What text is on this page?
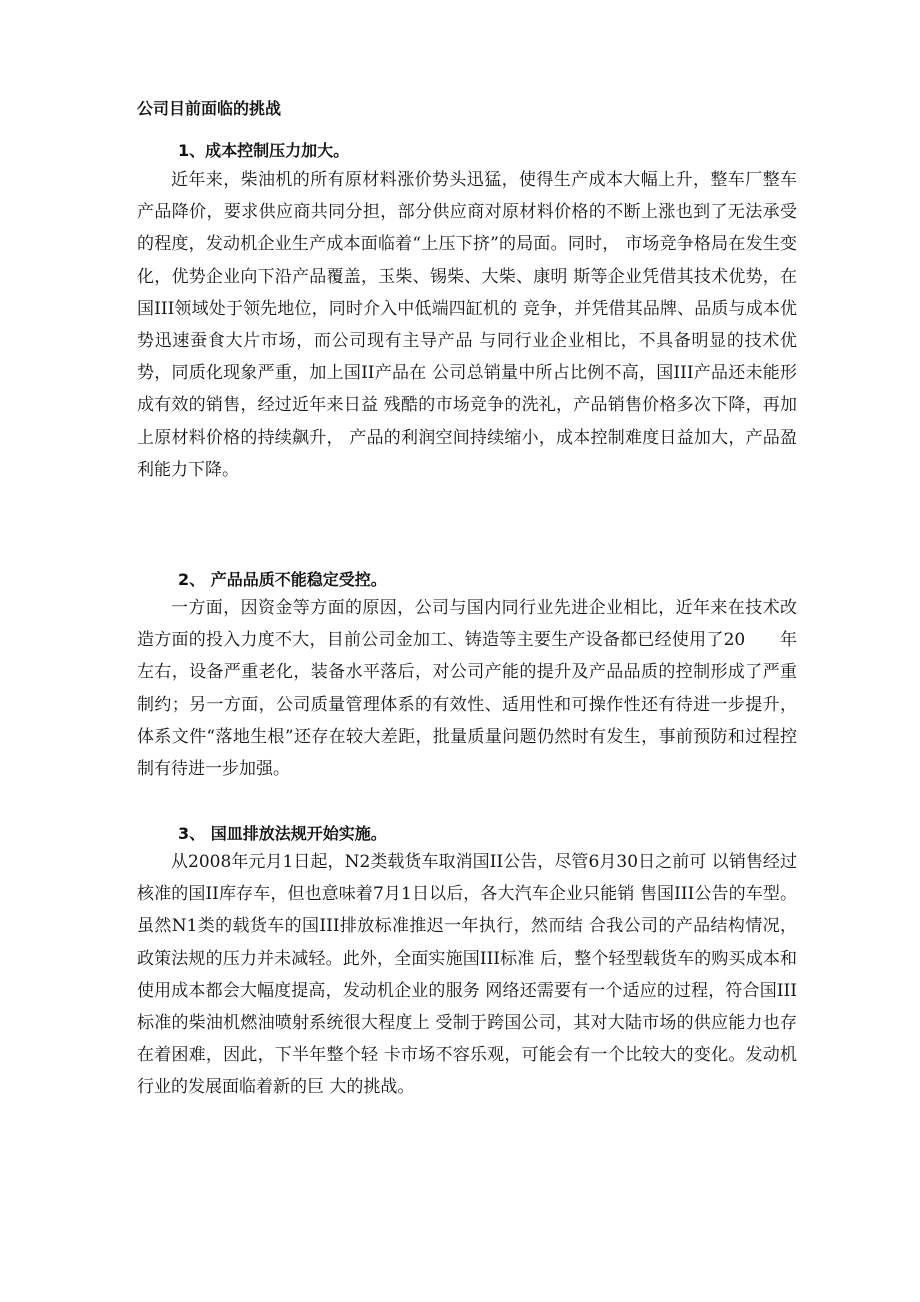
公司目前面临的挑战
1、成本控制压力加大。

近年来，柴油机的所有原材料涨价势头迅猛，使得生产成本大幅上升，整车厂整车产品降价，要求供应商共同分担，部分供应商对原材料价格的不断上涨也到了无法承受的程度，发动机企业生产成本面临着“上压下挤”的局面。同时， 市场竞争格局在发生变化，优势企业向下沿产品覆盖，玉柴、锡柴、大柴、康明 斯等企业凭借其技术优势，在国III领域处于领先地位，同时介入中低端四缸机的 竞争，并凭借其品牌、品质与成本优势迅速蚕食大片市场，而公司现有主导产品 与同行业企业相比，不具备明显的技术优势，同质化现象严重，加上国II产品在 公司总销量中所占比例不高，国III产品还未能形成有效的销售，经过近年来日益 残酷的市场竞争的洗礼，产品销售价格多次下降，再加上原材料价格的持续飙升， 产品的利润空间持续缩小，成本控制难度日益加大，产品盈利能力下降。

2、 产品品质不能稳定受控。

一方面，因资金等方面的原因，公司与国内同行业先进企业相比，近年来在技术改造方面的投入力度不大，目前公司金加工、铸造等主要生产设备都已经使用了20　　年左右，设备严重老化，装备水平落后，对公司产能的提升及产品品质的控制形成了严重制约；另一方面，公司质量管理体系的有效性、适用性和可操作性还有待进一步提升，体系文件“落地生根”还存在较大差距，批量质量问题仍然时有发生，事前预防和过程控制有待进一步加强。

3、 国皿排放法规开始实施。

从2008年元月1日起，N2类载货车取消国II公告，尽管6月30日之前可 以销售经过核准的国II库存车，但也意味着7月1日以后，各大汽车企业只能销 售国III公告的车型。虽然N1类的载货车的国III排放标准推迟一年执行，然而结 合我公司的产品结构情况，政策法规的压力并未减轻。此外，全面实施国III标准 后，整个轻型载货车的购买成本和使用成本都会大幅度提高，发动机企业的服务 网络还需要有一个适应的过程，符合国III标准的柴油机燃油喷射系统很大程度上 受制于跨国公司，其对大陆市场的供应能力也存在着困难，因此，下半年整个轻 卡市场不容乐观，可能会有一个比较大的变化。发动机行业的发展面临着新的巨 大的挑战。
